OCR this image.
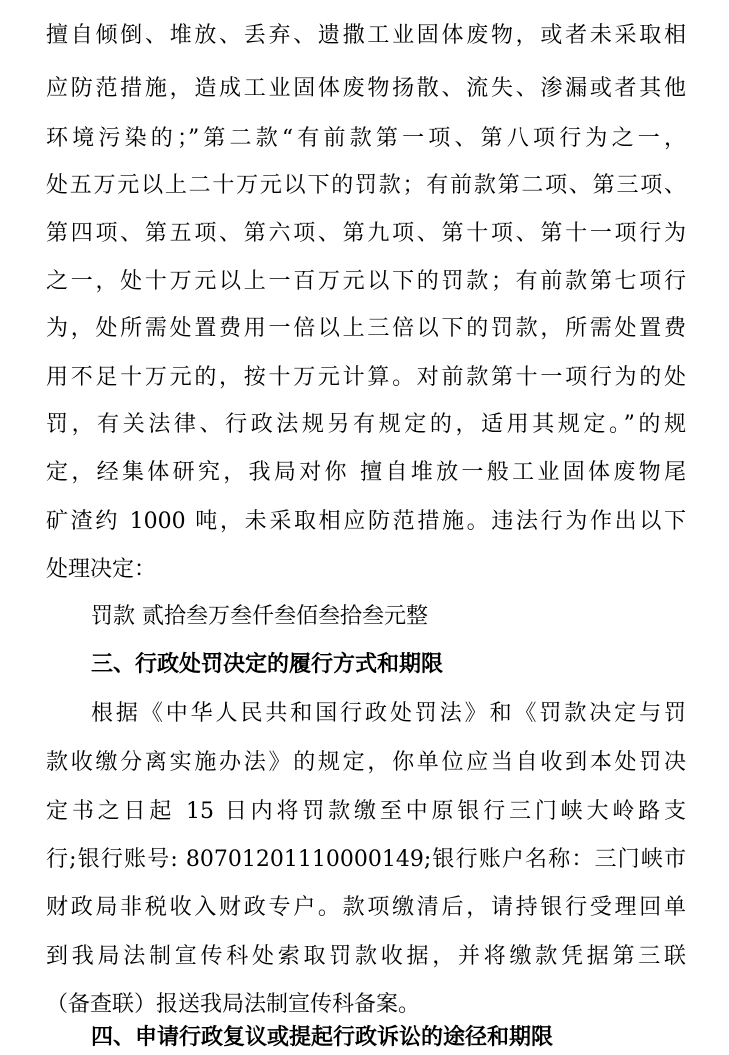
擅自倾倒、堆放、丢弃、遗撒工业固体废物，或者未采取相
应防范措施，造成工业固体废物扬散、流失、渗漏或者其他
环境污染的；”第二款“有前款第一项、第八项行为之一，
处五万元以上二十万元以下的罚款；有前款第二项、第三项、
第四项、第五项、第六项、第九项、第十项、第十一项行为
之一，处十万元以上一百万元以下的罚款；有前款第七项行
为，处所需处置费用一倍以上三倍以下的罚款，所需处置费
用不足十万元的，按十万元计算。对前款第十一项行为的处
罚，有关法律、行政法规另有规定的，适用其规定。”的规
定，经集体研究，我局对你 擅自堆放一般工业固体废物尾
矿渣约 1000 吨，未采取相应防范措施。违法行为作出以下
处理决定：
罚款 贰拾叁万叁仟叁佰叁拾叁元整
三、行政处罚决定的履行方式和期限
根据《中华人民共和国行政处罚法》和《罚款决定与罚
款收缴分离实施办法》的规定，你单位应当自收到本处罚决
定书之日起 15 日内将罚款缴至中原银行三门峡大岭路支
行;银行账号: 80701201110000149;银行账户名称：三门峡市
财政局非税收入财政专户。款项缴清后，请持银行受理回单
到我局法制宣传科处索取罚款收据，并将缴款凭据第三联
（备查联）报送我局法制宣传科备案。
四、申请行政复议或提起行政诉讼的途径和期限
